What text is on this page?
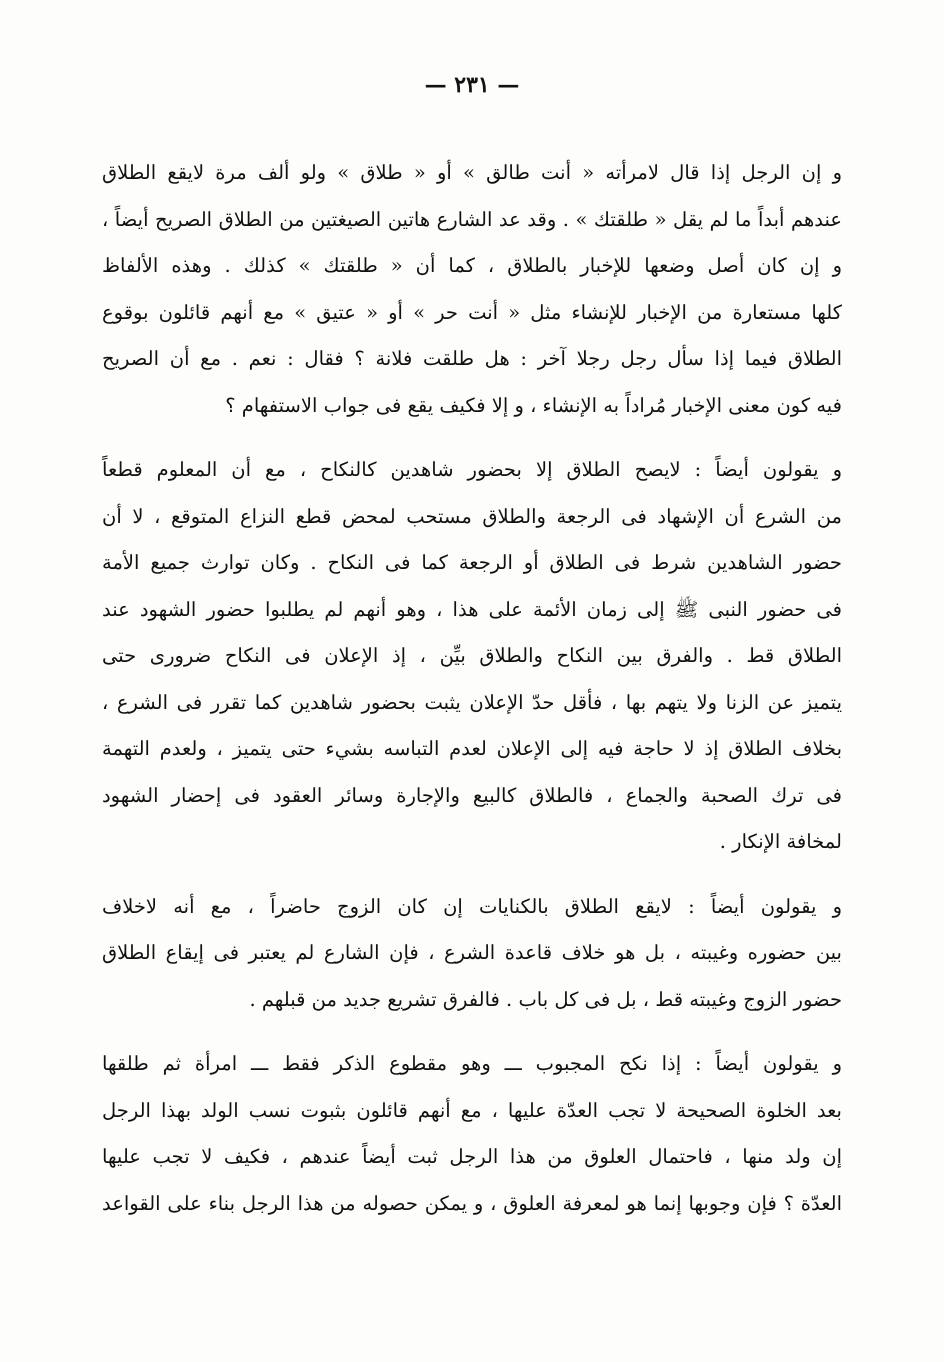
— ٢٣١ —
و إن الرجل إذا قال لامرأته « أنت طالق » أو « طلاق » ولو ألف مرة لايقع الطلاق
عندهم أبداً ما لم يقل « طلقتك » . وقد عد الشارع هاتين الصيغتين من الطلاق الصريح أيضاً ،
و إن كان أصل وضعها للإخبار بالطلاق ، كما أن « طلقتك » كذلك . وهذه الألفاظ
كلها مستعارة من الإخبار للإنشاء مثل « أنت حر » أو « عتيق » مع أنهم قائلون بوقوع
الطلاق فيما إذا سأل رجل رجلا آخر : هل طلقت فلانة ؟ فقال : نعم . مع أن الصريح
فيه كون معنى الإخبار مُراداً به الإنشاء ، و إلا فكيف يقع فى جواب الاستفهام ؟
و يقولون أيضاً : لايصح الطلاق إلا بحضور شاهدين كالنكاح ، مع أن المعلوم قطعاً
من الشرع أن الإشهاد فى الرجعة والطلاق مستحب لمحض قطع النزاع المتوقع ، لا أن
حضور الشاهدين شرط فى الطلاق أو الرجعة كما فى النكاح . وكان توارث جميع الأمة
فى حضور النبى ﷺ إلى زمان الأئمة على هذا ، وهو أنهم لم يطلبوا حضور الشهود عند
الطلاق قط . والفرق بين النكاح والطلاق بيِّن ، إذ الإعلان فى النكاح ضرورى حتى
يتميز عن الزنا ولا يتهم بها ، فأقل حدّ الإعلان يثبت بحضور شاهدين كما تقرر فى الشرع ،
بخلاف الطلاق إذ لا حاجة فيه إلى الإعلان لعدم التباسه بشيء حتى يتميز ، ولعدم التهمة
فى ترك الصحبة والجماع ، فالطلاق كالبيع والإجارة وسائر العقود فى إحضار الشهود
لمخافة الإنكار .
و يقولون أيضاً : لايقع الطلاق بالكنايات إن كان الزوج حاضراً ، مع أنه لاخلاف
بين حضوره وغيبته ، بل هو خلاف قاعدة الشرع ، فإن الشارع لم يعتبر فى إيقاع الطلاق
حضور الزوج وغيبته قط ، بل فى كل باب . فالفرق تشريع جديد من قبلهم .
و يقولون أيضاً : إذا نكح المجبوب ـــ وهو مقطوع الذكر فقط ـــ امرأة ثم طلقها
بعد الخلوة الصحيحة لا تجب العدّة عليها ، مع أنهم قائلون بثبوت نسب الولد بهذا الرجل
إن ولد منها ، فاحتمال العلوق من هذا الرجل ثبت أيضاً عندهم ، فكيف لا تجب عليها
العدّة ؟ فإن وجوبها إنما هو لمعرفة العلوق ، و يمكن حصوله من هذا الرجل بناء على القواعد
